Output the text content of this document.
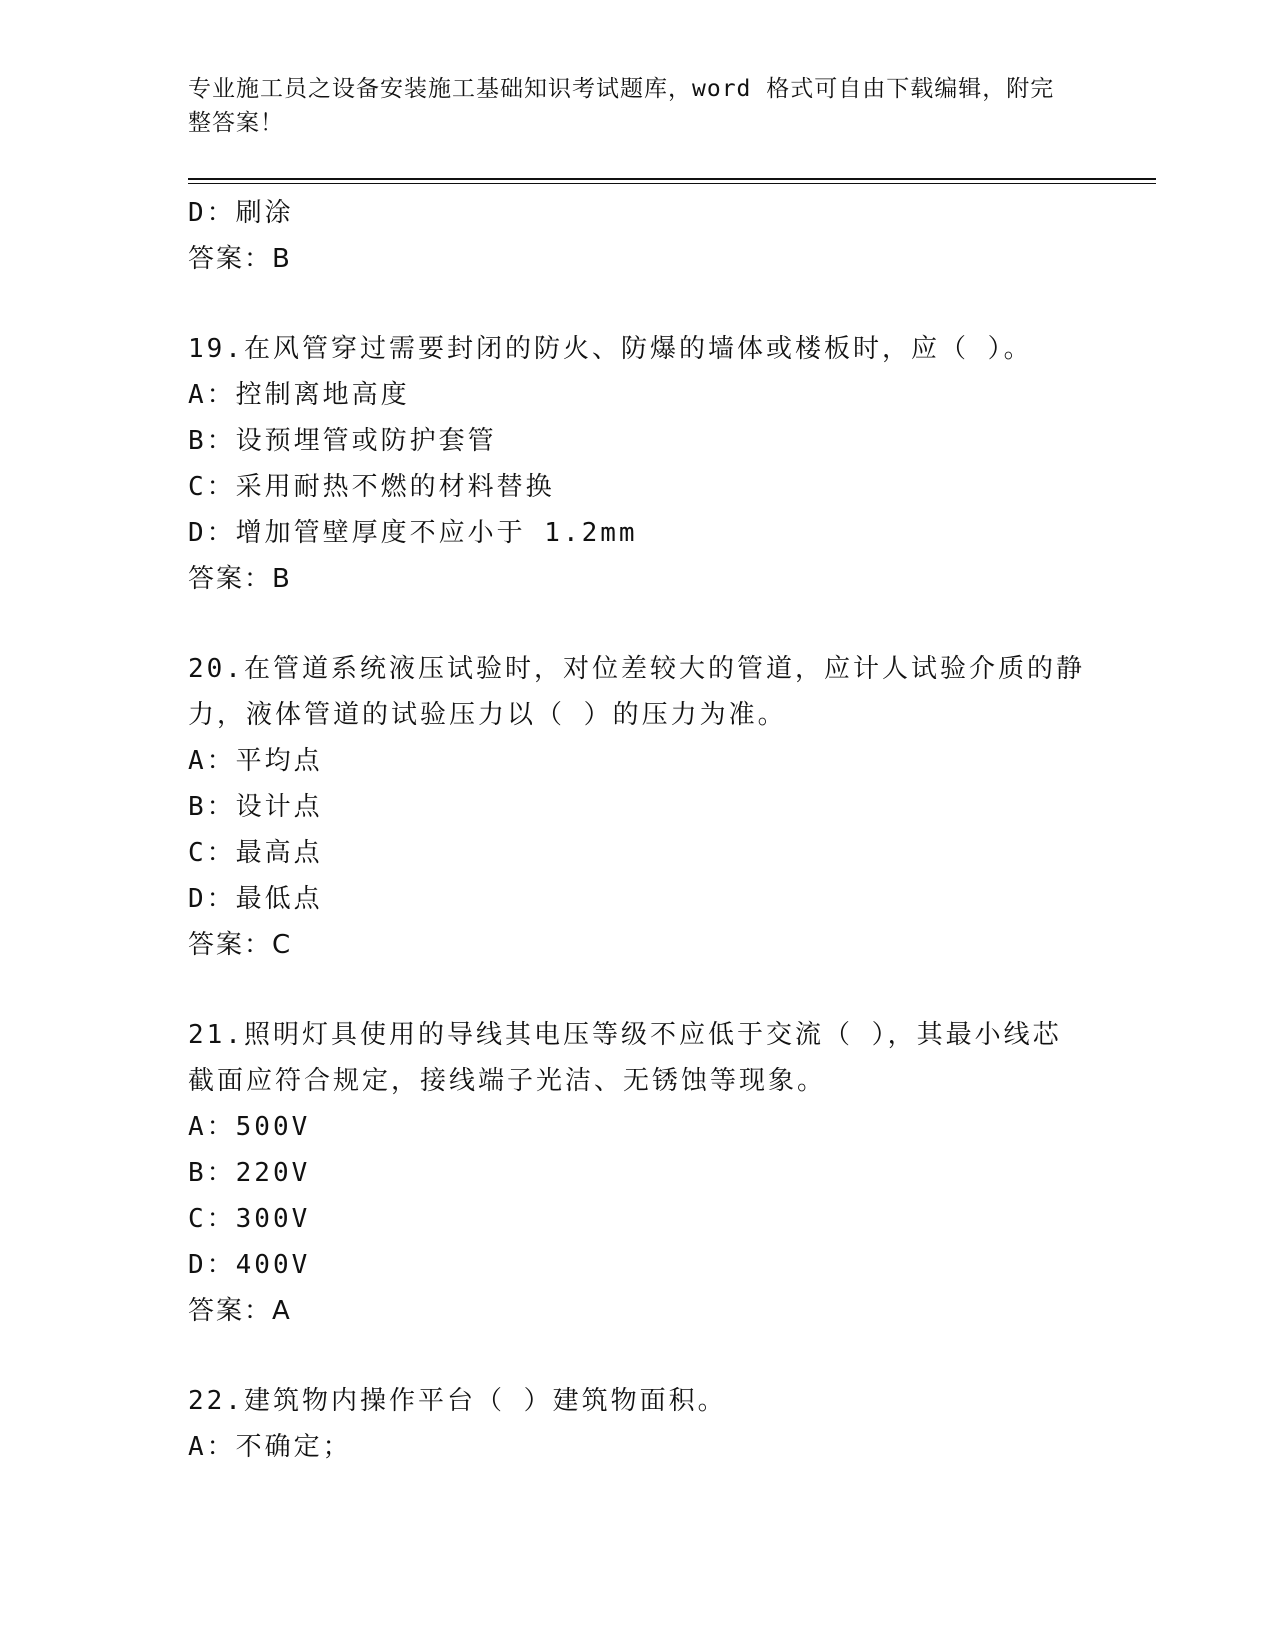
专业施工员之设备安装施工基础知识考试题库，word 格式可自由下载编辑，附完整答案！
D：刷涂
答案：B
19.在风管穿过需要封闭的防火、防爆的墙体或楼板时，应（ ）。
A：控制离地高度
B：设预埋管或防护套管
C：采用耐热不燃的材料替换
D：增加管壁厚度不应小于 1.2mm
答案：B
20.在管道系统液压试验时，对位差较大的管道，应计人试验介质的静
力，液体管道的试验压力以（ ）的压力为准。
A：平均点
B：设计点
C：最高点
D：最低点
答案：C
21.照明灯具使用的导线其电压等级不应低于交流（ ），其最小线芯
截面应符合规定，接线端子光洁、无锈蚀等现象。
A：500V
B：220V
C：300V
D：400V
答案：A
22.建筑物内操作平台（ ）建筑物面积。
A：不确定；
